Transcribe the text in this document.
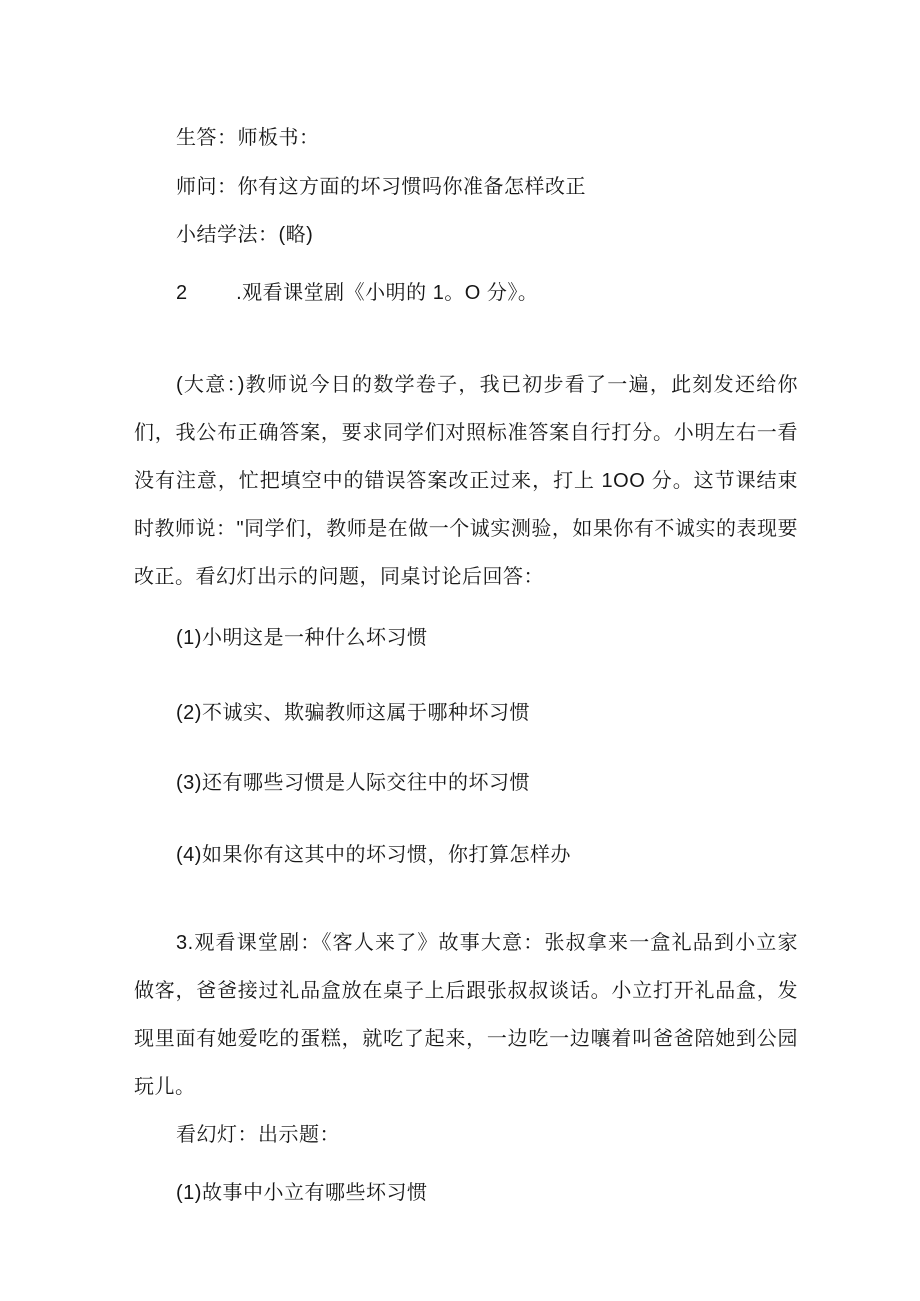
生答：师板书：

师问：你有这方面的坏习惯吗你准备怎样改正

小结学法：(略)

2        .观看课堂剧《小明的 1。O 分》。

(大意：)教师说今日的数学卷子，我已初步看了一遍，此刻发还给你们，我公布正确答案，要求同学们对照标准答案自行打分。小明左右一看没有注意，忙把填空中的错误答案改正过来，打上 1OO 分。这节课结束时教师说："同学们，教师是在做一个诚实测验，如果你有不诚实的表现要改正。看幻灯出示的问题，同桌讨论后回答：

(1)小明这是一种什么坏习惯

(2)不诚实、欺骗教师这属于哪种坏习惯

(3)还有哪些习惯是人际交往中的坏习惯

(4)如果你有这其中的坏习惯，你打算怎样办

3.观看课堂剧：《客人来了》故事大意：张叔拿来一盒礼品到小立家做客，爸爸接过礼品盒放在桌子上后跟张叔叔谈话。小立打开礼品盒，发现里面有她爱吃的蛋糕，就吃了起来，一边吃一边嚷着叫爸爸陪她到公园玩儿。

看幻灯：出示题：

(1)故事中小立有哪些坏习惯
